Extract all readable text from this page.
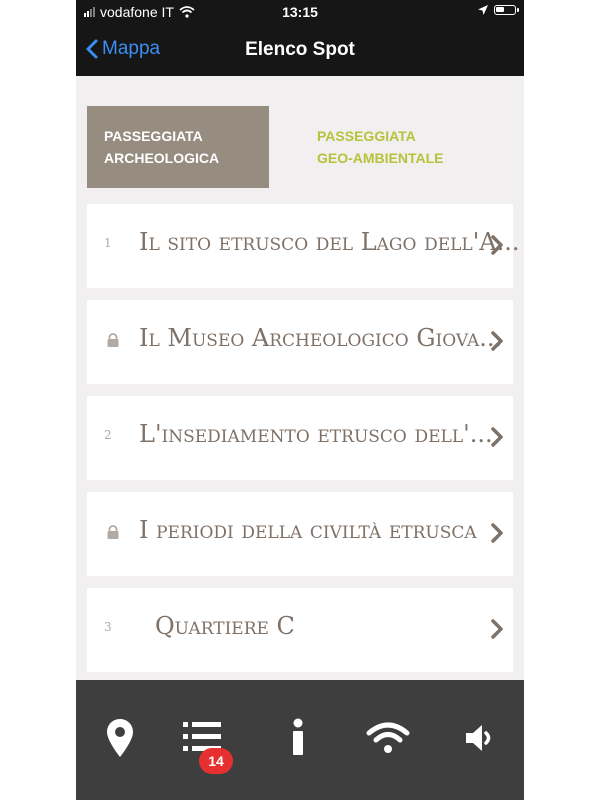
vodafone IT	13:15
Mappa	Elenco Spot
PASSEGGIATA
ARCHEOLOGICA
PASSEGGIATA
GEO-AMBIENTALE
1 Il sito etrusco del Lago dell'A...
Il Museo Archeologico Giova...
2 L'insediamento etrusco dell'...
I periodi della civiltà etrusca
3 Quartiere C
14
